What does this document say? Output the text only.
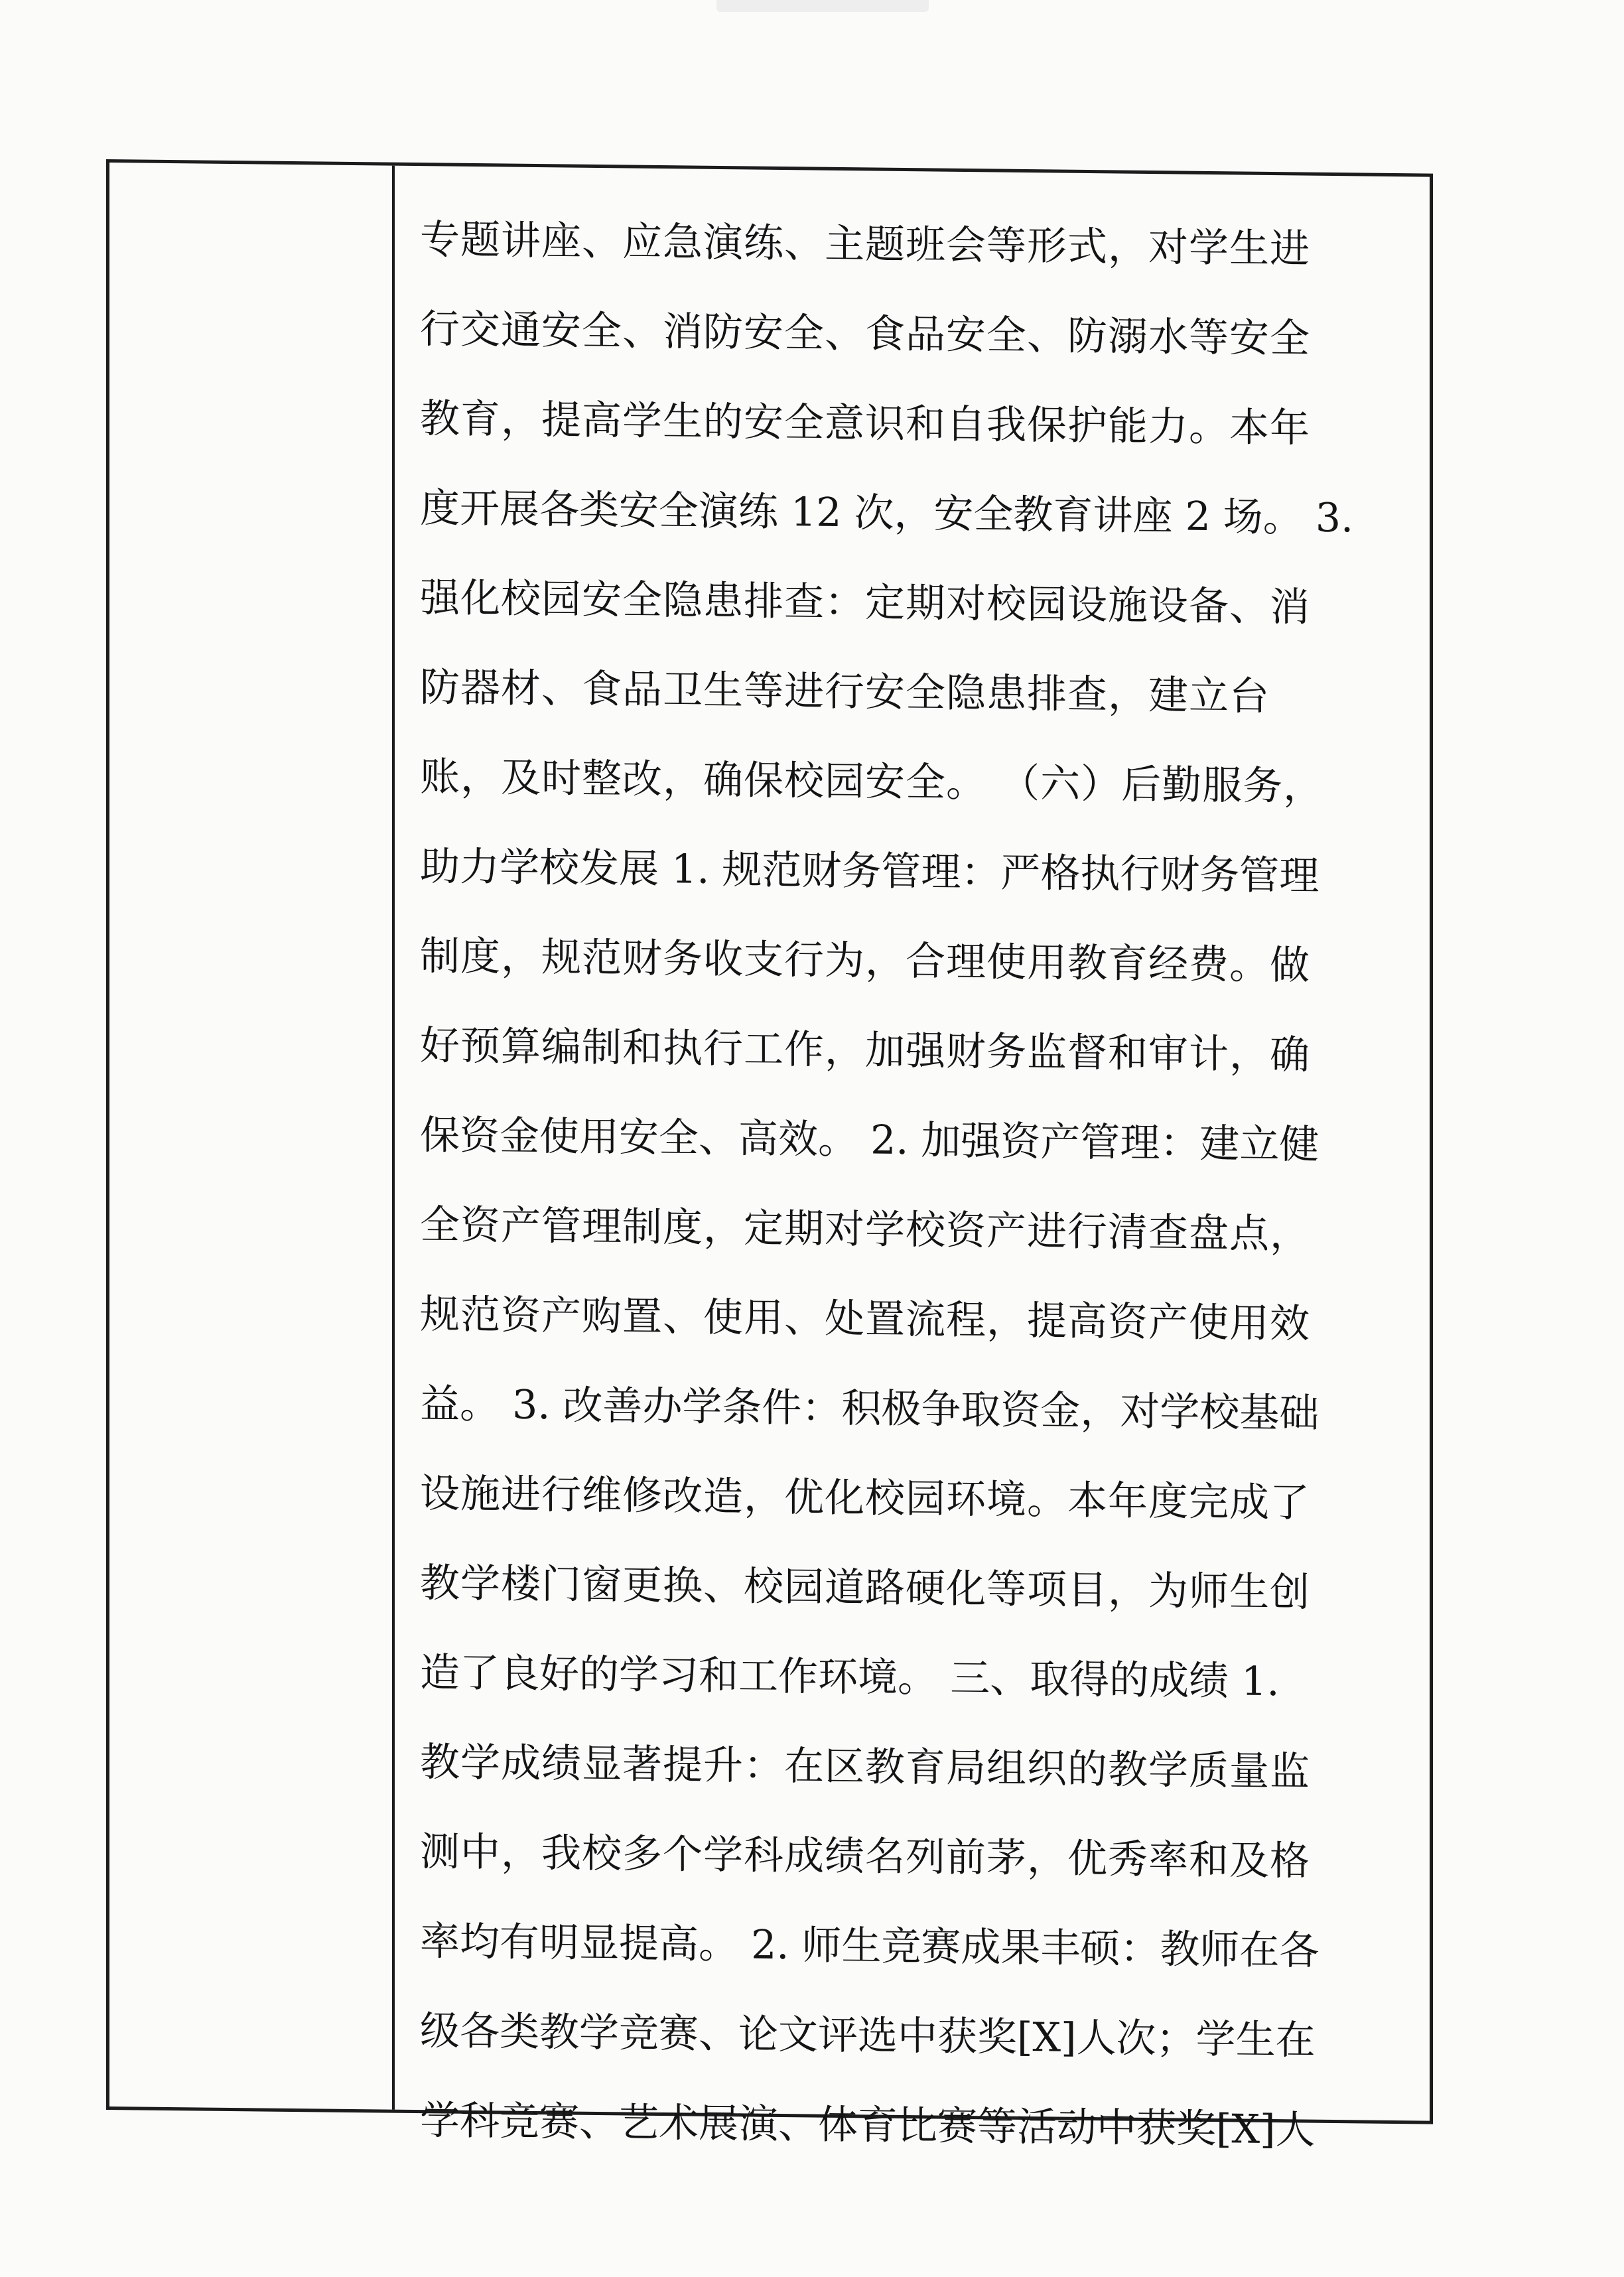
专题讲座、应急演练、主题班会等形式，对学生进
行交通安全、消防安全、食品安全、防溺水等安全
教育，提高学生的安全意识和自我保护能力。本年
度开展各类安全演练 12 次，安全教育讲座 2 场。 3.
强化校园安全隐患排查：定期对校园设施设备、消
防器材、食品卫生等进行安全隐患排查，建立台
账，及时整改，确保校园安全。 （六）后勤服务，
助力学校发展 1. 规范财务管理：严格执行财务管理
制度，规范财务收支行为，合理使用教育经费。做
好预算编制和执行工作，加强财务监督和审计，确
保资金使用安全、高效。 2. 加强资产管理：建立健
全资产管理制度，定期对学校资产进行清查盘点，
规范资产购置、使用、处置流程，提高资产使用效
益。 3. 改善办学条件：积极争取资金，对学校基础
设施进行维修改造，优化校园环境。本年度完成了
教学楼门窗更换、校园道路硬化等项目，为师生创
造了良好的学习和工作环境。 三、取得的成绩 1.
教学成绩显著提升：在区教育局组织的教学质量监
测中，我校多个学科成绩名列前茅，优秀率和及格
率均有明显提高。 2. 师生竞赛成果丰硕：教师在各
级各类教学竞赛、论文评选中获奖[X]人次；学生在
学科竞赛、艺术展演、体育比赛等活动中获奖[X]人
